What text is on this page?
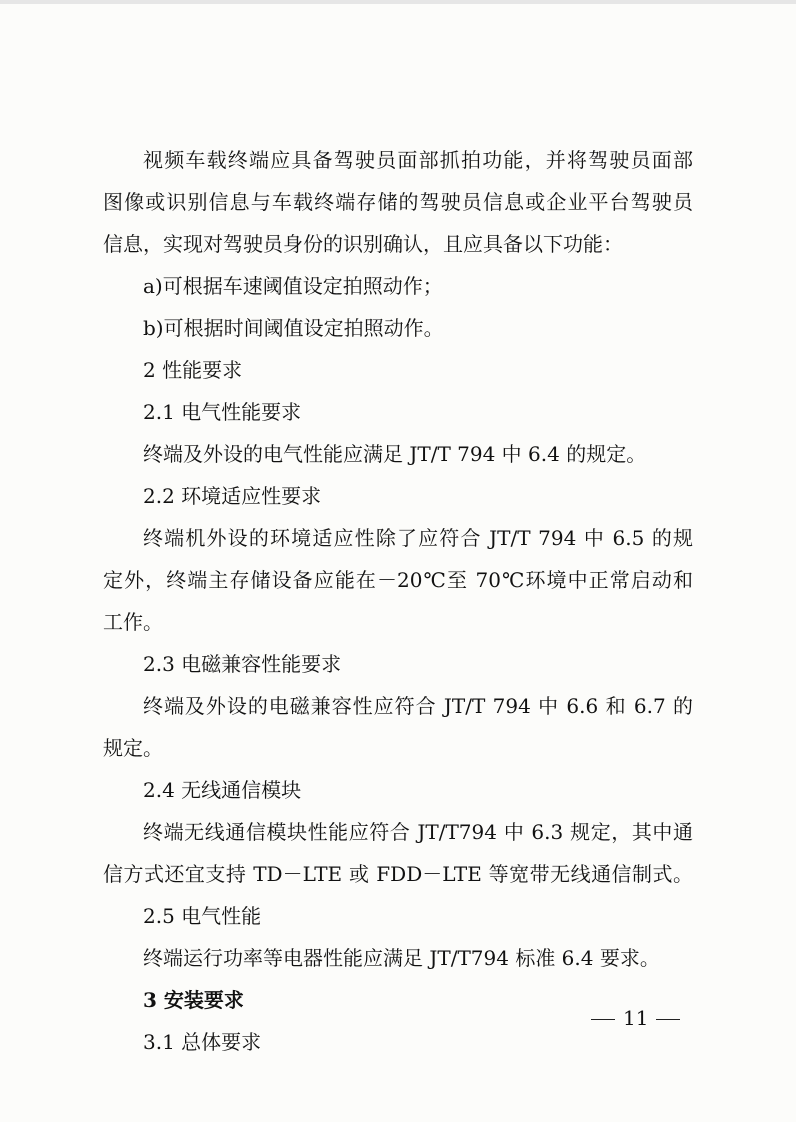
视频车载终端应具备驾驶员面部抓拍功能，并将驾驶员面部
图像或识别信息与车载终端存储的驾驶员信息或企业平台驾驶员
信息，实现对驾驶员身份的识别确认，且应具备以下功能：
a)可根据车速阈值设定拍照动作；
b)可根据时间阈值设定拍照动作。
2 性能要求
2.1 电气性能要求
终端及外设的电气性能应满足 JT/T 794 中 6.4 的规定。
2.2 环境适应性要求
终端机外设的环境适应性除了应符合 JT/T 794 中 6.5 的规
定外，终端主存储设备应能在－20℃至 70℃环境中正常启动和
工作。
2.3 电磁兼容性能要求
终端及外设的电磁兼容性应符合 JT/T 794 中 6.6 和 6.7 的
规定。
2.4 无线通信模块
终端无线通信模块性能应符合 JT/T794 中 6.3 规定，其中通
信方式还宜支持 TD－LTE 或 FDD－LTE 等宽带无线通信制式。
2.5 电气性能
终端运行功率等电器性能应满足 JT/T794 标准 6.4 要求。
3 安装要求
3.1 总体要求
11
